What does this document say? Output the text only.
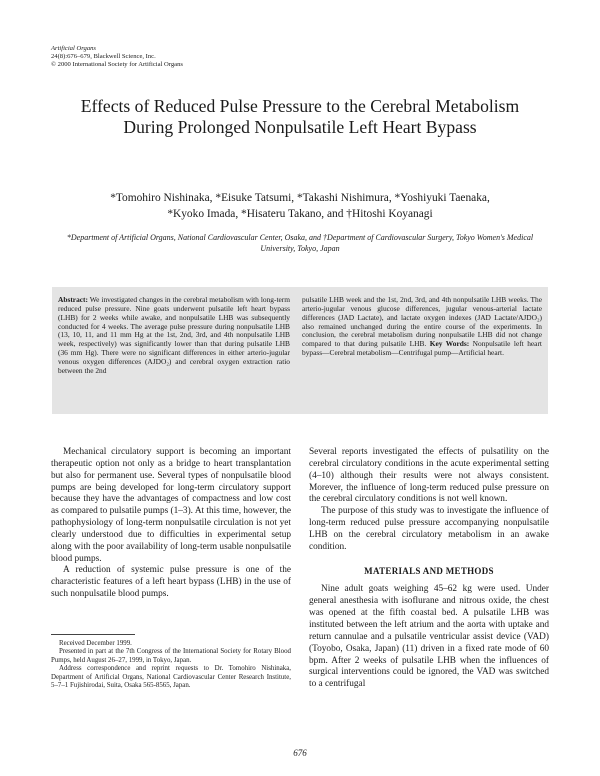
Artificial Organs
24(8):676–679, Blackwell Science, Inc.
© 2000 International Society for Artificial Organs
Effects of Reduced Pulse Pressure to the Cerebral Metabolism During Prolonged Nonpulsatile Left Heart Bypass
*Tomohiro Nishinaka, *Eisuke Tatsumi, *Takashi Nishimura, *Yoshiyuki Taenaka,
*Kyoko Imada, *Hisateru Takano, and †Hitoshi Koyanagi
*Department of Artificial Organs, National Cardiovascular Center, Osaka, and †Department of Cardiovascular Surgery, Tokyo Women's Medical University, Tokyo, Japan
Abstract: We investigated changes in the cerebral metabolism with long-term reduced pulse pressure. Nine goats underwent pulsatile left heart bypass (LHB) for 2 weeks while awake, and nonpulsatile LHB was subsequently conducted for 4 weeks. The average pulse pressure during nonpulsatile LHB (13, 10, 11, and 11 mm Hg at the 1st, 2nd, 3rd, and 4th nonpulsatile LHB week, respectively) was significantly lower than that during pulsatile LHB (36 mm Hg). There were no significant differences in either arterio-jugular venous oxygen differences (AJDO₂) and cerebral oxygen extraction ratio between the 2nd
pulsatile LHB week and the 1st, 2nd, 3rd, and 4th nonpulsatile LHB weeks. The arterio-jugular venous glucose differences, jugular venous-arterial lactate differences (JAD Lactate), and lactate oxygen indexes (JAD Lactate/AJDO₂) also remained unchanged during the entire course of the experiments. In conclusion, the cerebral metabolism during nonpulsatile LHB did not change compared to that during pulsatile LHB. Key Words: Nonpulsatile left heart bypass—Cerebral metabolism—Centrifugal pump—Artificial heart.

Mechanical circulatory support is becoming an important therapeutic option not only as a bridge to heart transplantation but also for permanent use. Several types of nonpulsatile blood pumps are being developed for long-term circulatory support because they have the advantages of compactness and low cost as compared to pulsatile pumps (1–3). At this time, however, the pathophysiology of long-term nonpulsatile circulation is not yet clearly understood due to difficulties in experimental setup along with the poor availability of long-term usable nonpulsatile blood pumps.

A reduction of systemic pulse pressure is one of the characteristic features of a left heart bypass (LHB) in the use of such nonpulsatile blood pumps.

Received December 1999.

Presented in part at the 7th Congress of the International Society for Rotary Blood Pumps, held August 26–27, 1999, in Tokyo, Japan.

Address correspondence and reprint requests to Dr. Tomohiro Nishinaka, Department of Artificial Organs, National Cardiovascular Center Research Institute, 5–7–1 Fujishirodai, Suita, Osaka 565-8565, Japan.

Several reports investigated the effects of pulsatility on the cerebral circulatory conditions in the acute experimental setting (4–10) although their results were not always consistent. Morever, the influence of long-term reduced pulse pressure on the cerebral circulatory conditions is not well known.

The purpose of this study was to investigate the influence of long-term reduced pulse pressure accompanying nonpulsatile LHB on the cerebral circulatory metabolism in an awake condition.

MATERIALS AND METHODS

Nine adult goats weighing 45–62 kg were used. Under general anesthesia with isoflurane and nitrous oxide, the chest was opened at the fifth coastal bed. A pulsatile LHB was instituted between the left atrium and the aorta with uptake and return cannulae and a pulsatile ventricular assist device (VAD) (Toyobo, Osaka, Japan) (11) driven in a fixed rate mode of 60 bpm. After 2 weeks of pulsatile LHB when the influences of surgical interventions could be ignored, the VAD was switched to a centrifugal

676
